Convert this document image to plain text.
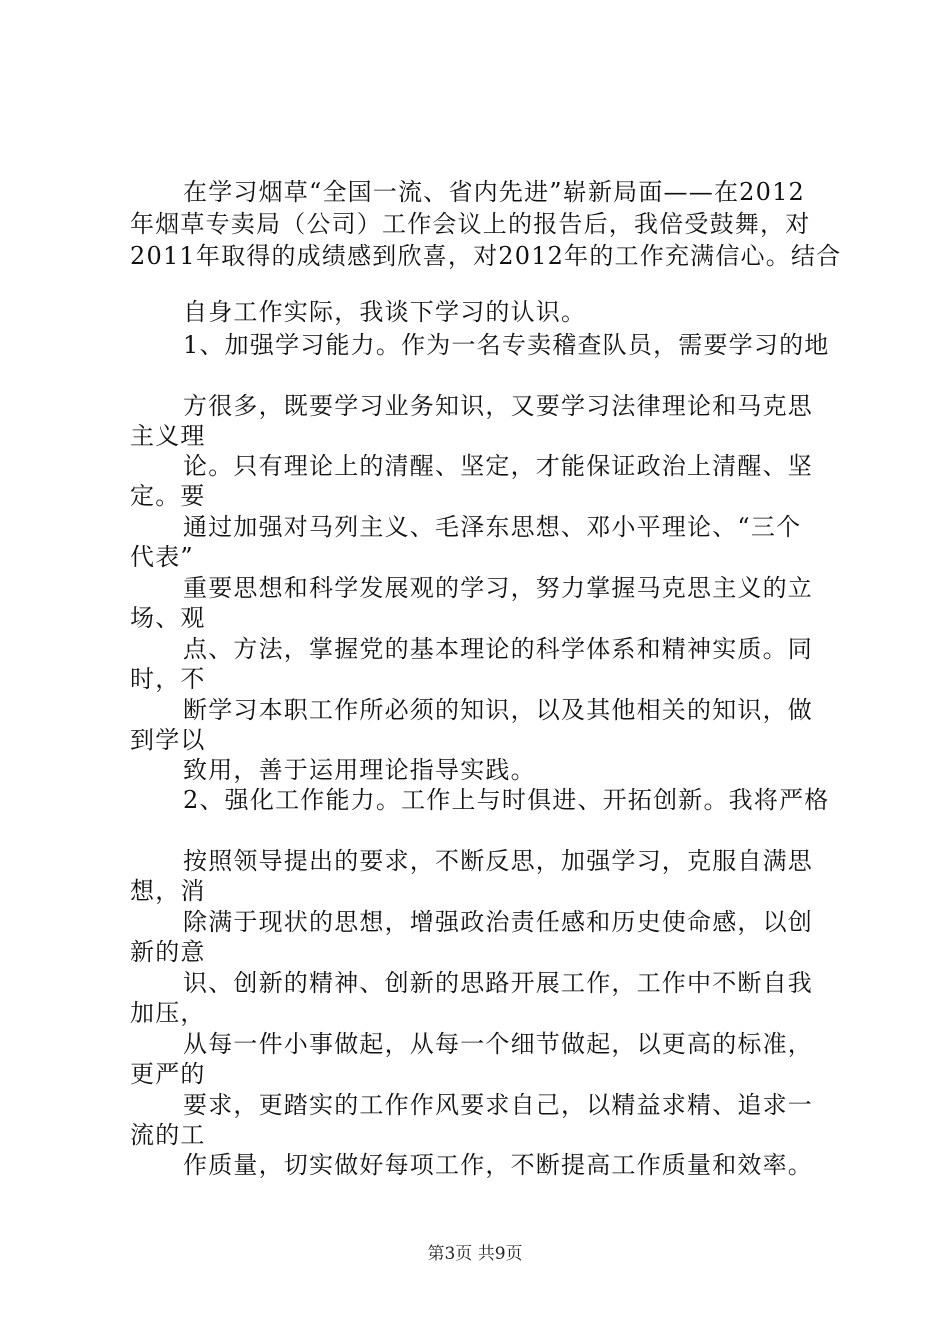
在学习烟草“全国一流、省内先进”崭新局面——在2012

年烟草专卖局（公司）工作会议上的报告后，我倍受鼓舞，对

2011年取得的成绩感到欣喜，对2012年的工作充满信心。结合

自身工作实际，我谈下学习的认识。

1、加强学习能力。作为一名专卖稽查队员，需要学习的地

方很多，既要学习业务知识，又要学习法律理论和马克思

主义理

论。只有理论上的清醒、坚定，才能保证政治上清醒、坚

定。要

通过加强对马列主义、毛泽东思想、邓小平理论、“三个

代表”

重要思想和科学发展观的学习，努力掌握马克思主义的立

场、观

点、方法，掌握党的基本理论的科学体系和精神实质。同

时，不

断学习本职工作所必须的知识，以及其他相关的知识，做

到学以

致用，善于运用理论指导实践。

2、强化工作能力。工作上与时俱进、开拓创新。我将严格

按照领导提出的要求，不断反思，加强学习，克服自满思

想，消

除满于现状的思想，增强政治责任感和历史使命感，以创

新的意

识、创新的精神、创新的思路开展工作，工作中不断自我

加压，

从每一件小事做起，从每一个细节做起，以更高的标准，

更严的

要求，更踏实的工作作风要求自己，以精益求精、追求一

流的工

作质量，切实做好每项工作，不断提高工作质量和效率。

第3页 共9页
